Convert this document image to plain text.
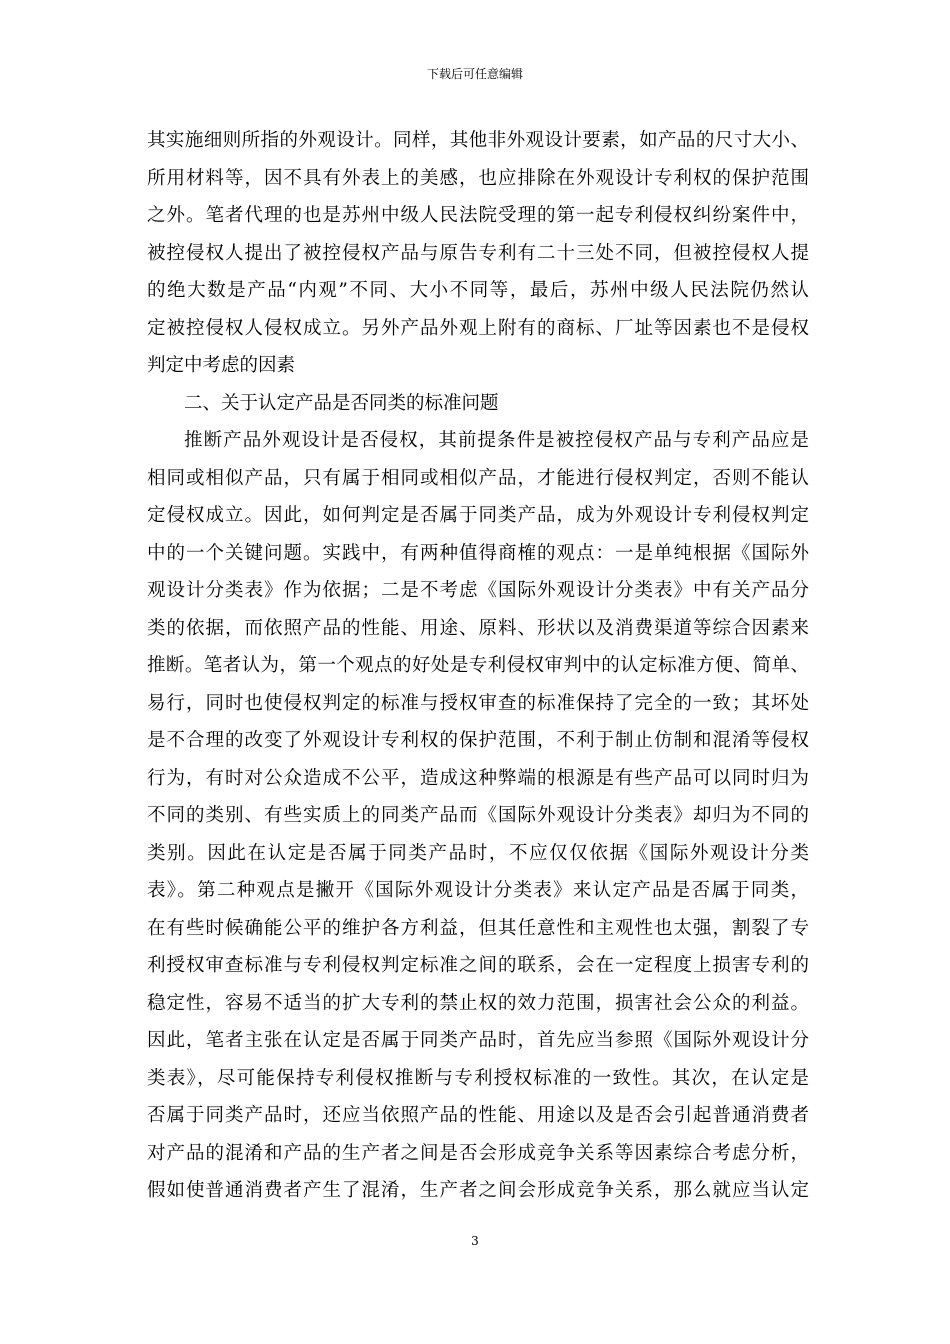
下载后可任意编辑
其实施细则所指的外观设计。同样，其他非外观设计要素，如产品的尺寸大小、
所用材料等，因不具有外表上的美感，也应排除在外观设计专利权的保护范围
之外。笔者代理的也是苏州中级人民法院受理的第一起专利侵权纠纷案件中，
被控侵权人提出了被控侵权产品与原告专利有二十三处不同，但被控侵权人提
的绝大数是产品“内观”不同、大小不同等，最后，苏州中级人民法院仍然认
定被控侵权人侵权成立。另外产品外观上附有的商标、厂址等因素也不是侵权
判定中考虑的因素
二、关于认定产品是否同类的标准问题
推断产品外观设计是否侵权，其前提条件是被控侵权产品与专利产品应是
相同或相似产品，只有属于相同或相似产品，才能进行侵权判定，否则不能认
定侵权成立。因此，如何判定是否属于同类产品，成为外观设计专利侵权判定
中的一个关键问题。实践中，有两种值得商榷的观点：一是单纯根据《国际外
观设计分类表》作为依据；二是不考虑《国际外观设计分类表》中有关产品分
类的依据，而依照产品的性能、用途、原料、形状以及消费渠道等综合因素来
推断。笔者认为，第一个观点的好处是专利侵权审判中的认定标准方便、简单、
易行，同时也使侵权判定的标准与授权审查的标准保持了完全的一致；其坏处
是不合理的改变了外观设计专利权的保护范围，不利于制止仿制和混淆等侵权
行为，有时对公众造成不公平，造成这种弊端的根源是有些产品可以同时归为
不同的类别、有些实质上的同类产品而《国际外观设计分类表》却归为不同的
类别。因此在认定是否属于同类产品时，不应仅仅依据《国际外观设计分类
表》。第二种观点是撇开《国际外观设计分类表》来认定产品是否属于同类，
在有些时候确能公平的维护各方利益，但其任意性和主观性也太强，割裂了专
利授权审查标准与专利侵权判定标准之间的联系，会在一定程度上损害专利的
稳定性，容易不适当的扩大专利的禁止权的效力范围，损害社会公众的利益。
因此，笔者主张在认定是否属于同类产品时，首先应当参照《国际外观设计分
类表》，尽可能保持专利侵权推断与专利授权标准的一致性。其次，在认定是
否属于同类产品时，还应当依照产品的性能、用途以及是否会引起普通消费者
对产品的混淆和产品的生产者之间是否会形成竞争关系等因素综合考虑分析，
假如使普通消费者产生了混淆，生产者之间会形成竞争关系，那么就应当认定
3
